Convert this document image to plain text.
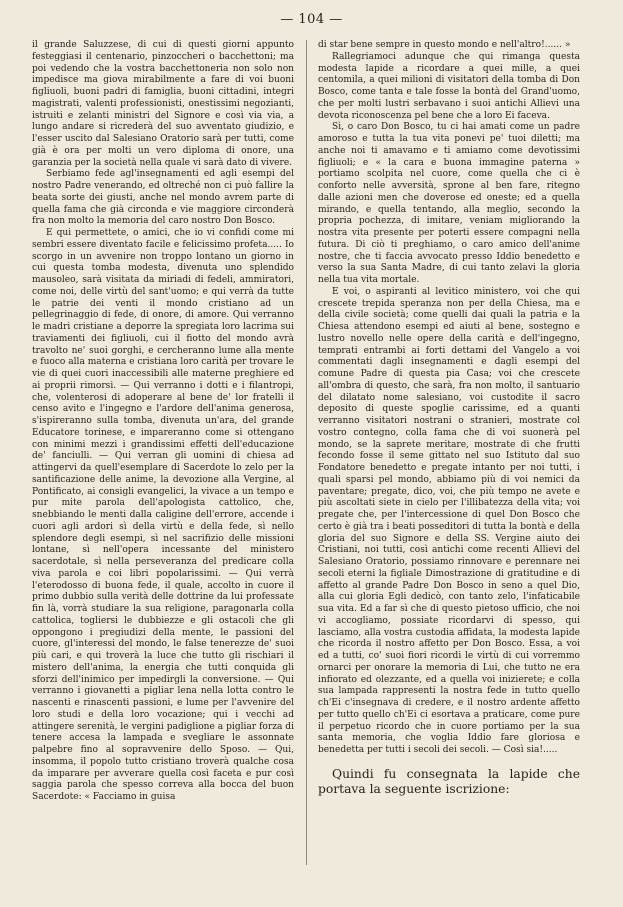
— 104 —

il grande Saluzzese, di cui di questi giorni appunto festeggiasi il centenario, pinzoccheri o bacchettoni; ma poi vedendo che la vostra bacchettoneria non solo non impedisce ma giova mirabilmente a fare di voi buoni figliuoli, buoni padri di famiglia, buoni cittadini, integri magistrati, valenti professionisti, onestissimi negozianti, istruiti e zelanti ministri del Signore e così via via, a lungo andare si ricrederà del suo avventato giudizio, e l'esser uscito dal Salesiano Oratorio sarà per tutti, come già è ora per molti un vero diploma di onore, una garanzia per la società nella quale vi sarà dato di vivere.

Serbiamo fede agl'insegnamenti ed agli esempi del nostro Padre venerando, ed oltreché non ci può fallire la beata sorte dei giusti, anche nel mondo avrem parte di quella fama che già circonda e vie maggiore circonderà fra non molto la memoria del caro nostro Don Bosco.

E qui permettete, o amici, che io vi confidi come mi sembri essere diventato facile e felicissimo profeta..... Io scorgo in un avvenire non troppo lontano un giorno in cui questa tomba modesta, divenuta uno splendido mausoleo, sarà visitata da miriadi di fedeli, ammiratori, come noi, delle virtù del sant'uomo; e qui verrà da tutte le patrie dei venti il mondo cristiano ad un pellegrinaggio di fede, di onore, di amore. Qui verranno le madri cristiane a deporre la spregiata loro lacrima sui traviamenti dei figliuoli, cui il fiotto del mondo avrà travolto ne' suoi gorghi, e cercheranno lume alla mente e fuoco alla materna e cristiana loro carità per trovare le vie di quei cuori inaccessibili alle materne preghiere ed ai proprii rimorsi. — Qui verranno i dotti e i filantropi, che, volenterosi di adoperare al bene de' lor fratelli il censo avito e l'ingegno e l'ardore dell'anima generosa, s'ispireranno sulla tomba, divenuta un'ara, del grande Educatore torinese, e impareranno come si ottengano con minimi mezzi i grandissimi effetti dell'educazione de' fanciulli. — Qui verran gli uomini di chiesa ad attingervi da quell'esemplare di Sacerdote lo zelo per la santificazione delle anime, la devozione alla Vergine, al Pontificato, ai consigli evangelici, la vivace a un tempo e pur mite parola dell'apologista cattolico, che, snebbiando le menti dalla caligine dell'errore, accende i cuori agli ardori sì della virtù e della fede, sì nello splendore degli esempi, sì nel sacrifizio delle missioni lontane, sì nell'opera incessante del ministero sacerdotale, sì nella perseveranza del predicare colla viva parola e coi libri popolarissimi. — Qui verrà l'eterodosso di buona fede, il quale, accolto in cuore il primo dubbio sulla verità delle dottrine da lui professate fin là, vorrà studiare la sua religione, paragonarla colla cattolica, togliersi le dubbiezze e gli ostacoli che gli oppongono i pregiudizi della mente, le passioni del cuore, gl'interessi del mondo, le false tenerezze de' suoi più cari, e qui troverà la luce che tutto gli rischiari il mistero dell'anima, la energia che tutti conquida gli sforzi dell'inimico per impedirgli la conversione. — Qui verranno i giovanetti a pigliar lena nella lotta contro le nascenti e rinascenti passioni, e lume per l'avvenire del loro studi e della loro vocazione; qui i vecchi ad attingere serenità, le vergini padiglione a pigliar forza di tenere accesa la lampada e svegliare le assonnate palpebre fino al sopravvenire dello Sposo. — Qui, insomma, il popolo tutto cristiano troverà qualche cosa da imparare per avverare quella così faceta e pur così saggia parola che spesso correva alla bocca del buon Sacerdote: « Facciamo in guisa

di star bene sempre in questo mondo e nell'altro!...... »

Rallegriamoci adunque che qui rimanga questa modesta lapide a ricordare a quei mille, a quei centomila, a quei milioni di visitatori della tomba di Don Bosco, come tanta e tale fosse la bontà del Grand'uomo, che per molti lustri serbavano i suoi antichi Allievi una devota riconoscenza pel bene che a loro Ei faceva.

Sì, o caro Don Bosco, tu ci hai amati come un padre amoroso e tutta la tua vita ponevi pe' tuoi diletti; ma anche noi ti amavamo e ti amiamo come devotissimi figliuoli; e « la cara e buona immagine paterna » portiamo scolpita nel cuore, come quella che ci è conforto nelle avversità, sprone al ben fare, ritegno dalle azioni men che doverose ed oneste; ed a quella mirando, e quella tentando, alla meglio, secondo la propria pochezza, di imitare, veniam migliorando la nostra vita presente per poterti essere compagni nella futura. Di ciò ti preghiamo, o caro amico dell'anime nostre, che ti faccia avvocato presso Iddio benedetto e verso la sua Santa Madre, di cui tanto zelavi la gloria nella tua vita mortale.

E voi, o aspiranti al levitico ministero, voi che qui crescete trepida speranza non per della Chiesa, ma e della civile società; come quelli dai quali la patria e la Chiesa attendono esempi ed aiuti al bene, sostegno e lustro novello nelle opere della carità e dell'ingegno, temprati entrambi ai forti dettami del Vangelo a voi commentati dagli insegnamenti e dagli esempi del comune Padre di questa pia Casa; voi che crescete all'ombra di questo, che sarà, fra non molto, il santuario del dilatato nome salesiano, voi custodite il sacro deposito di queste spoglie carissime, ed a quanti verranno visitatori nostrani o stranieri, mostrate col vostro contegno, colla fama che di voi suonerà pel mondo, se la saprete meritare, mostrate di che frutti fecondo fosse il seme gittato nel suo Istituto dal suo Fondatore benedetto e pregate intanto per noi tutti, i quali sparsi pel mondo, abbiamo più di voi nemici da paventare; pregate, dico, voi, che più tempo ne avete e più ascoltati siete in cielo per l'illibatezza della vita; voi pregate che, per l'intercessione di quel Don Bosco che certo è già tra i beati posseditori di tutta la bontà e della gloria del suo Signore e della SS. Vergine aiuto dei Cristiani, noi tutti, così antichi come recenti Allievi del Salesiano Oratorio, possiamo rinnovare e perennare nei secoli eterni la figliale Dimostrazione di gratitudine e di affetto al grande Padre Don Bosco in seno a quel Dio, alla cui gloria Egli dedicò, con tanto zelo, l'infaticabile sua vita. Ed a far sì che di questo pietoso ufficio, che noi vi accogliamo, possiate ricordarvi di spesso, qui lasciamo, alla vostra custodia affidata, la modesta lapide che ricorda il nostro affetto per Don Bosco. Essa, a voi ed a tutti, co' suoi fiori ricordi le virtù di cui vorremmo ornarci per onorare la memoria di Lui, che tutto ne era infiorato ed olezzante, ed a quella voi inizierete; e colla sua lampada rappresenti la nostra fede in tutto quello ch'Ei c'insegnava di credere, e il nostro ardente affetto per tutto quello ch'Ei ci esortava a praticare, come pure il perpetuo ricordo che in cuore portiamo per la sua santa memoria, che voglia Iddio fare gloriosa e benedetta per tutti i secoli dei secoli. — Così sia!.....

Quindi fu consegnata la lapide che portava la seguente iscrizione:
